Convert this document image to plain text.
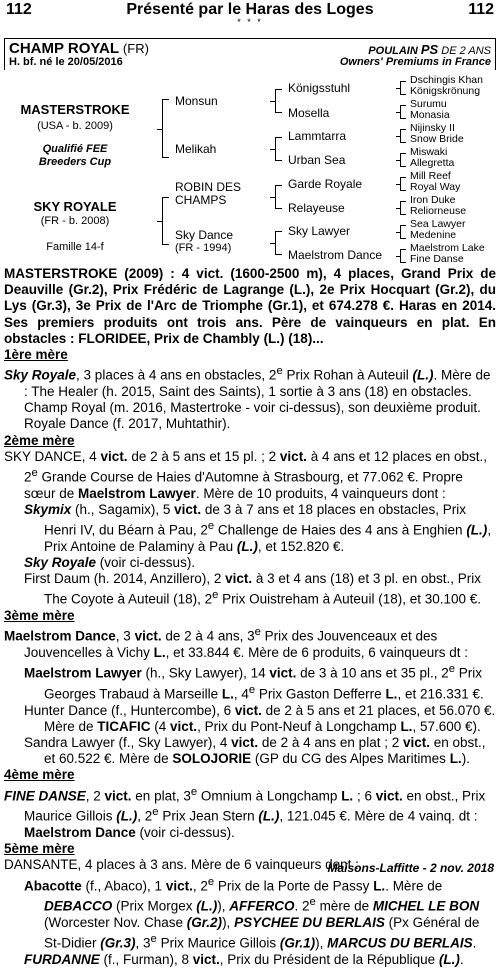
112	Présenté par le Haras des Loges	112
* * *
CHAMP ROYAL (FR)
H. bf. né le 20/05/2016
POULAIN PS DE 2 ANS
Owners' Premiums in France
MASTERSTROKE
(USA - b. 2009)
Qualifié FEE
Breeders Cup
SKY ROYALE
(FR - b. 2008)
Famille 14-f
Monsun
Melikah
ROBIN DES
CHAMPS
Sky Dance
(FR - 1994)
Königsstuhl
Mosella
Lammtarra
Urban Sea
Garde Royale
Relayeuse
Sky Lawyer
Maelstrom Dance
Dschingis Khan
Königskrönung
Surumu
Monasia
Nijinsky II
Snow Bride
Miswaki
Allegretta
Mill Reef
Royal Way
Iron Duke
Reliorneuse
Sea Lawyer
Medenine
Maelstrom Lake
Fine Danse

MASTERSTROKE (2009) : 4 vict. (1600-2500 m), 4 places, Grand Prix de Deauville (Gr.2), Prix Frédéric de Lagrange (L.), 2e Prix Hocquart (Gr.2), du Lys (Gr.3), 3e Prix de l'Arc de Triomphe (Gr.1), et 674.278 €. Haras en 2014. Ses premiers produits ont trois ans. Père de vainqueurs en plat. En obstacles : FLORIDEE, Prix de Chambly (L.) (18)...

1ère mère

Sky Royale, 3 places à 4 ans en obstacles, 2e Prix Rohan à Auteuil (L.). Mère de : The Healer (h. 2015, Saint des Saints), 1 sortie à 3 ans (18) en obstacles.
Champ Royal (m. 2016, Mastertroke - voir ci-dessus), son deuxième produit.
Royale Dance (f. 2017, Muhtathir).

2ème mère

SKY DANCE, 4 vict. de 2 à 5 ans et 15 pl. ; 2 vict. à 4 ans et 12 places en obst., 2e Grande Course de Haies d'Automne à Strasbourg, et 77.062 €. Propre sœur de Maelstrom Lawyer. Mère de 10 produits, 4 vainqueurs dont :

Skymix (h., Sagamix), 5 vict. de 3 à 7 ans et 18 places en obstacles, Prix Henri IV, du Béarn à Pau, 2e Challenge de Haies des 4 ans à Enghien (L.), Prix Antoine de Palaminy à Pau (L.), et 152.820 €.

Sky Royale (voir ci-dessus).

First Daum (h. 2014, Anzillero), 2 vict. à 3 et 4 ans (18) et 3 pl. en obst., Prix The Coyote à Auteuil (18), 2e Prix Ouistreham à Auteuil (18), et 30.100 €.

3ème mère

Maelstrom Dance, 3 vict. de 2 à 4 ans, 3e Prix des Jouvenceaux et des Jouvencelles à Vichy L., et 33.844 €. Mère de 6 produits, 6 vainqueurs dt :

Maelstrom Lawyer (h., Sky Lawyer), 14 vict. de 3 à 10 ans et 35 pl., 2e Prix Georges Trabaud à Marseille L., 4e Prix Gaston Defferre L., et 216.331 €.

Hunter Dance (f., Huntercombe), 6 vict. de 2 à 5 ans et 21 places, et 56.070 €. Mère de TICAFIC (4 vict., Prix du Pont-Neuf à Longchamp L., 57.600 €).

Sandra Lawyer (f., Sky Lawyer), 4 vict. de 2 à 4 ans en plat ; 2 vict. en obst., et 60.522 €. Mère de SOLOJORIE (GP du CG des Alpes Maritimes L.).

4ème mère

FINE DANSE, 2 vict. en plat, 3e Omnium à Longchamp L. ; 6 vict. en obst., Prix Maurice Gillois (L.), 2e Prix Jean Stern (L.), 121.045 €. Mère de 4 vainq. dt :

Maelstrom Dance (voir ci-dessus).

5ème mère

DANSANTE, 4 places à 3 ans. Mère de 6 vainqueurs dont :

Abacotte (f., Abaco), 1 vict., 2e Prix de la Porte de Passy L.. Mère de DEBACCO (Prix Morgex (L.)), AFFERCO. 2e mère de MICHEL LE BON (Worcester Nov. Chase (Gr.2)), PSYCHEE DU BERLAIS (Px Général de St-Didier (Gr.3), 3e Prix Maurice Gillois (Gr.1)), MARCUS DU BERLAIS.

FURDANNE (f., Furman), 8 vict., Prix du Président de la République (L.).

Maisons-Laffitte - 2 nov. 2018
